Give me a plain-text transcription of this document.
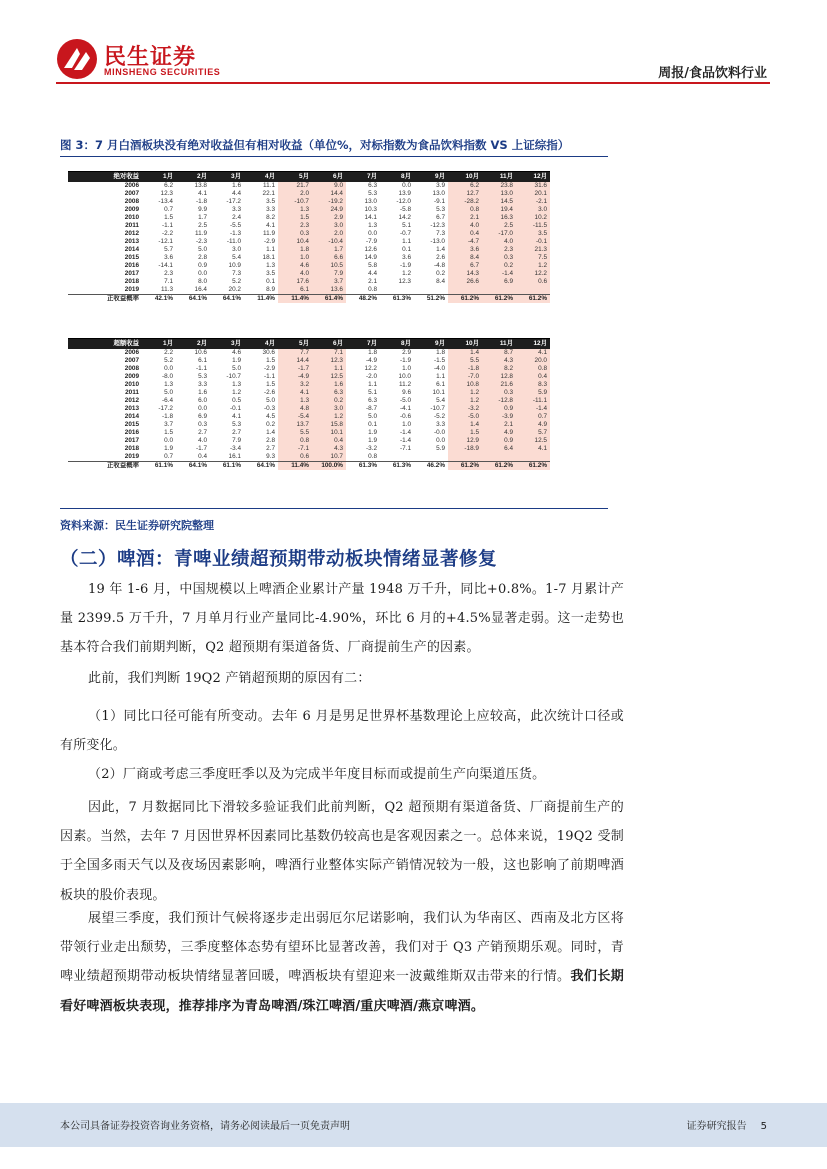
民生证券
MINSHENG SECURITIES	周报/食品饮料行业
图 3：7 月白酒板块没有绝对收益但有相对收益（单位%，对标指数为食品饮料指数 VS 上证综指）
绝对收益	1月	2月	3月	4月	5月	6月	7月	8月	9月	10月	11月	12月
2006	6.2	13.8	1.6	11.1	21.7	9.0	6.3	0.0	3.9	6.2	23.8	31.6
2007	12.3	4.1	4.4	22.1	2.0	14.4	5.3	13.9	13.0	12.7	13.0	20.1
2008	-13.4	-1.8	-17.2	3.5	-10.7	-19.2	13.0	-12.0	-9.1	-28.2	14.5	-2.1
2009	0.7	9.9	3.3	3.3	1.3	24.9	10.3	-5.8	5.3	0.8	19.4	3.0
2010	1.5	1.7	2.4	8.2	1.5	2.9	14.1	14.2	6.7	2.1	16.3	10.2
2011	-1.1	2.5	-5.5	4.1	2.3	3.0	1.3	5.1	-12.3	4.0	2.5	-11.5
2012	-2.2	11.9	-1.3	11.9	0.3	2.0	0.0	-0.7	7.3	0.4	-17.0	3.5
2013	-12.1	-2.3	-11.0	-2.9	10.4	-10.4	-7.9	1.1	-13.0	-4.7	4.0	-0.1
2014	5.7	5.0	3.0	1.1	1.8	1.7	12.6	0.1	1.4	3.6	2.3	21.3
2015	3.6	2.8	5.4	18.1	1.0	6.6	14.9	3.6	2.6	8.4	0.3	7.5
2016	-14.1	0.9	10.9	1.3	4.6	10.5	5.8	-1.9	-4.8	6.7	0.2	1.2
2017	2.3	0.0	7.3	3.5	4.0	7.9	4.4	1.2	0.2	14.3	-1.4	12.2
2018	7.1	8.0	5.2	0.1	17.6	3.7	2.1	12.3	8.4	26.6	6.9	0.6
2019	11.3	16.4	20.2	8.9	6.1	13.6	0.8					
正收益概率	42.1%	64.1%	64.1%	11.4%	11.4%	61.4%	48.2%	61.3%	51.2%	61.2%	61.2%	61.2%
超额收益	1月	2月	3月	4月	5月	6月	7月	8月	9月	10月	11月	12月
2006	2.2	10.6	4.6	30.6	7.7	7.1	1.8	2.9	1.8	1.4	8.7	4.1
2007	5.2	6.1	1.9	1.5	14.4	12.3	-4.9	-1.9	-1.5	5.5	4.3	20.0
2008	0.0	-1.1	5.0	-2.9	-1.7	1.1	12.2	1.0	-4.0	-1.8	8.2	0.8
2009	-8.0	5.3	-10.7	-1.1	-4.9	12.5	-2.0	10.0	1.1	-7.0	12.8	0.4
2010	1.3	3.3	1.3	1.5	3.2	1.6	1.1	11.2	6.1	10.8	21.6	8.3
2011	5.0	1.6	1.2	-2.6	4.1	6.3	5.1	9.6	10.1	1.2	0.3	5.9
2012	-6.4	6.0	0.5	5.0	1.3	0.2	6.3	-5.0	5.4	1.2	-12.8	-11.1
2013	-17.2	0.0	-0.1	-0.3	4.8	3.0	-8.7	-4.1	-10.7	-3.2	0.9	-1.4
2014	-1.8	6.9	4.1	4.5	-5.4	1.2	5.0	-0.6	-5.2	-5.0	-3.9	0.7
2015	3.7	0.3	5.3	0.2	13.7	15.8	0.1	1.0	3.3	1.4	2.1	4.9
2016	1.5	2.7	2.7	1.4	5.5	10.1	1.9	-1.4	-0.0	1.5	4.9	5.7
2017	0.0	4.0	7.9	2.8	0.8	0.4	1.9	-1.4	0.0	12.9	0.9	12.5
2018	1.9	-1.7	-3.4	2.7	-7.1	4.3	-3.2	-7.1	5.9	-18.9	6.4	4.1
2019	0.7	0.4	16.1	9.3	0.6	10.7	0.8					
正收益概率	61.1%	64.1%	61.1%	64.1%	11.4%	100.0%	61.3%	61.3%	46.2%	61.2%	61.2%	61.2%
资料来源：民生证券研究院整理
（二）啤酒：青啤业绩超预期带动板块情绪显著修复

19 年 1-6 月，中国规模以上啤酒企业累计产量 1948 万千升，同比+0.8%。1-7 月累计产量 2399.5 万千升，7 月单月行业产量同比-4.90%，环比 6 月的+4.5%显著走弱。这一走势也基本符合我们前期判断，Q2 超预期有渠道备货、厂商提前生产的因素。

此前，我们判断 19Q2 产销超预期的原因有二：

（1）同比口径可能有所变动。去年 6 月是男足世界杯基数理论上应较高，此次统计口径或有所变化。

（2）厂商或考虑三季度旺季以及为完成半年度目标而或提前生产向渠道压货。

因此，7 月数据同比下滑较多验证我们此前判断，Q2 超预期有渠道备货、厂商提前生产的因素。当然，去年 7 月因世界杯因素同比基数仍较高也是客观因素之一。总体来说，19Q2 受制于全国多雨天气以及夜场因素影响，啤酒行业整体实际产销情况较为一般，这也影响了前期啤酒板块的股价表现。

展望三季度，我们预计气候将逐步走出弱厄尔尼诺影响，我们认为华南区、西南及北方区将带领行业走出颓势，三季度整体态势有望环比显著改善，我们对于 Q3 产销预期乐观。同时，青啤业绩超预期带动板块情绪显著回暖，啤酒板块有望迎来一波戴维斯双击带来的行情。我们长期看好啤酒板块表现，推荐排序为青岛啤酒/珠江啤酒/重庆啤酒/燕京啤酒。

本公司具备证券投资咨询业务资格，请务必阅读最后一页免责声明	证券研究报告 5
